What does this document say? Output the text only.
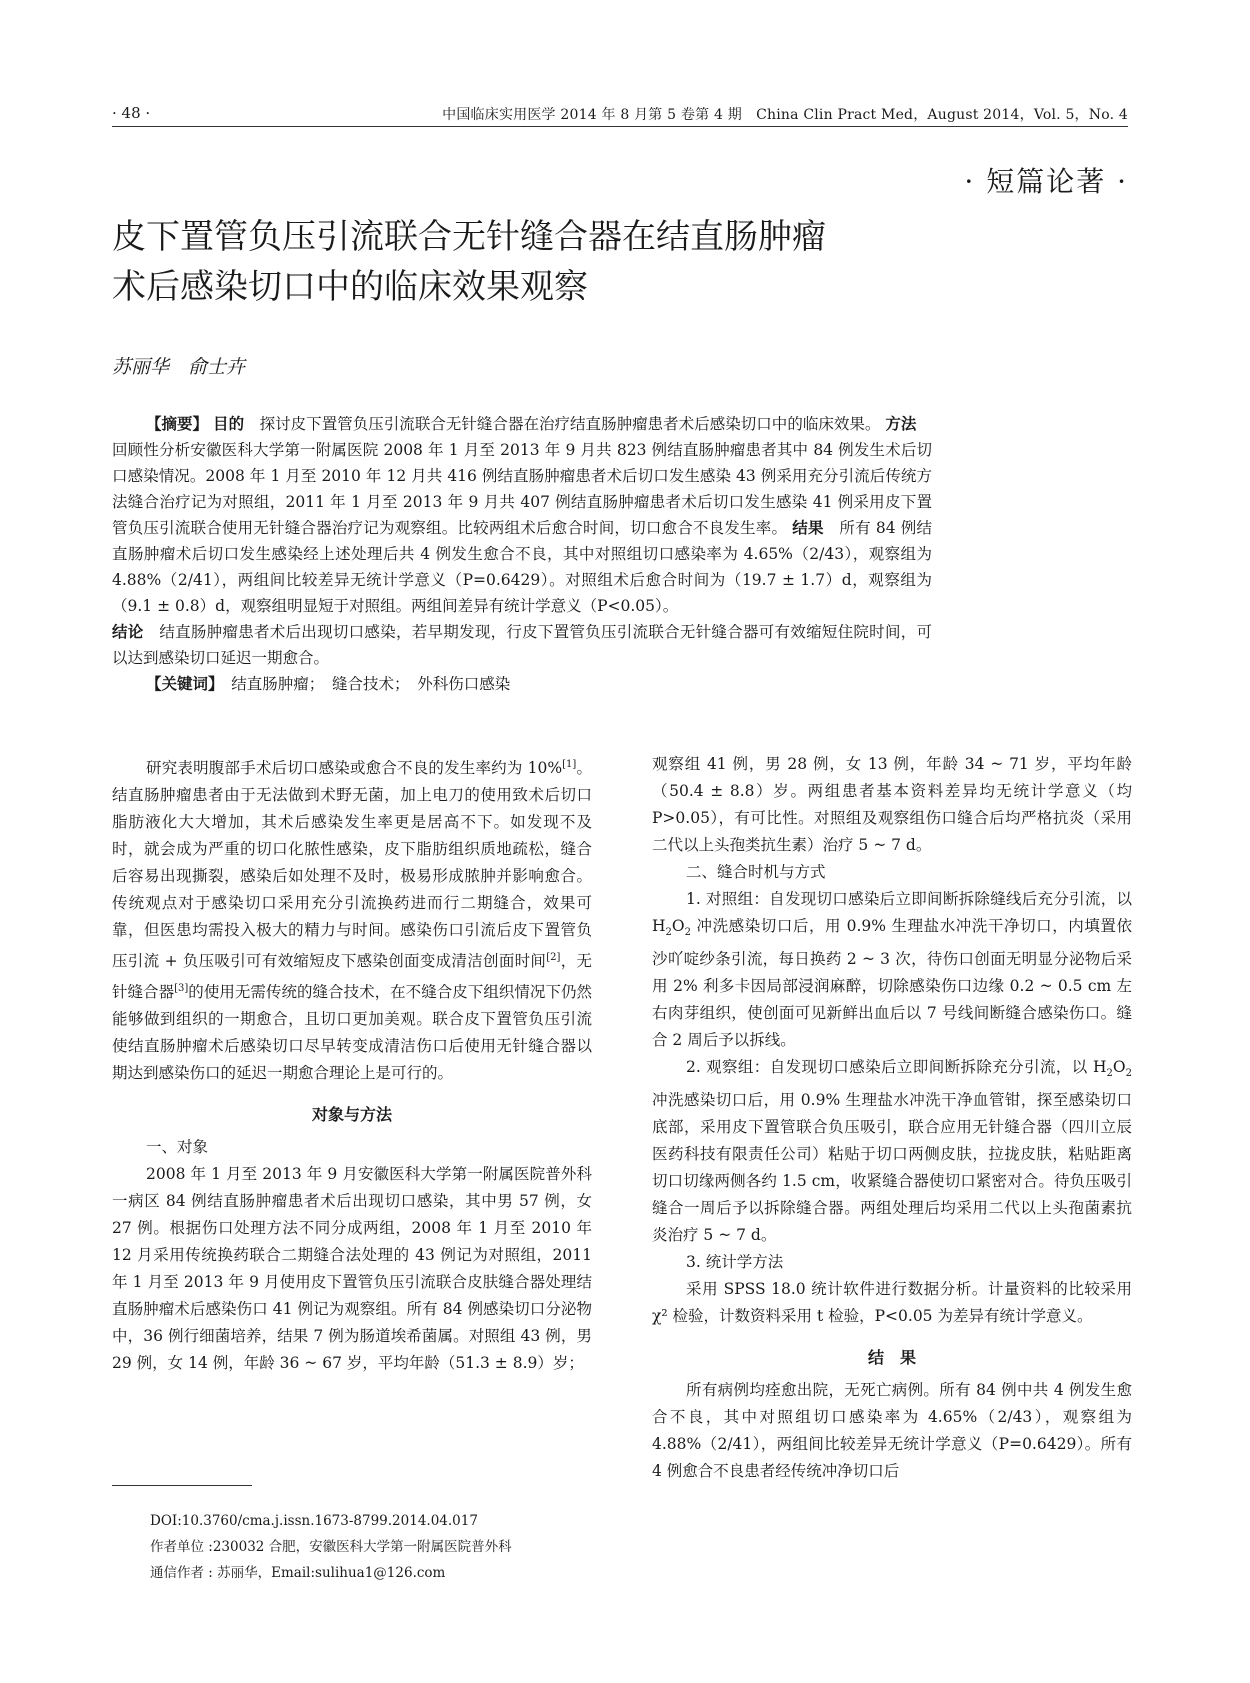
· 48 ·	中国临床实用医学 2014 年 8 月第 5 卷第 4 期　China Clin Pract Med，August 2014，Vol. 5，No. 4
· 短篇论著 ·
皮下置管负压引流联合无针缝合器在结直肠肿瘤
术后感染切口中的临床效果观察
苏丽华　俞士卉

【摘要】 目的　探讨皮下置管负压引流联合无针缝合器在治疗结直肠肿瘤患者术后感染切口中的临床效果。 方法　回顾性分析安徽医科大学第一附属医院 2008 年 1 月至 2013 年 9 月共 823 例结直肠肿瘤患者其中 84 例发生术后切口感染情况。2008 年 1 月至 2010 年 12 月共 416 例结直肠肿瘤患者术后切口发生感染 43 例采用充分引流后传统方法缝合治疗记为对照组，2011 年 1 月至 2013 年 9 月共 407 例结直肠肿瘤患者术后切口发生感染 41 例采用皮下置管负压引流联合使用无针缝合器治疗记为观察组。比较两组术后愈合时间，切口愈合不良发生率。 结果　所有 84 例结直肠肿瘤术后切口发生感染经上述处理后共 4 例发生愈合不良，其中对照组切口感染率为 4.65%（2/43），观察组为 4.88%（2/41），两组间比较差异无统计学意义（P=0.6429）。对照组术后愈合时间为（19.7 ± 1.7）d，观察组为（9.1 ± 0.8）d，观察组明显短于对照组。两组间差异有统计学意义（P<0.05）。

结论　结直肠肿瘤患者术后出现切口感染，若早期发现，行皮下置管负压引流联合无针缝合器可有效缩短住院时间，可以达到感染切口延迟一期愈合。

【关键词】　结直肠肿瘤；　缝合技术；　外科伤口感染

研究表明腹部手术后切口感染或愈合不良的发生率约为 10%[1]。结直肠肿瘤患者由于无法做到术野无菌，加上电刀的使用致术后切口脂肪液化大大增加，其术后感染发生率更是居高不下。如发现不及时，就会成为严重的切口化脓性感染，皮下脂肪组织质地疏松，缝合后容易出现撕裂，感染后如处理不及时，极易形成脓肿并影响愈合。传统观点对于感染切口采用充分引流换药进而行二期缝合，效果可靠，但医患均需投入极大的精力与时间。感染伤口引流后皮下置管负压引流 + 负压吸引可有效缩短皮下感染创面变成清洁创面时间[2]，无针缝合器[3]的使用无需传统的缝合技术，在不缝合皮下组织情况下仍然能够做到组织的一期愈合，且切口更加美观。联合皮下置管负压引流使结直肠肿瘤术后感染切口尽早转变成清洁伤口后使用无针缝合器以期达到感染伤口的延迟一期愈合理论上是可行的。

对象与方法
一、对象

2008 年 1 月至 2013 年 9 月安徽医科大学第一附属医院普外科一病区 84 例结直肠肿瘤患者术后出现切口感染，其中男 57 例，女 27 例。根据伤口处理方法不同分成两组，2008 年 1 月至 2010 年 12 月采用传统换药联合二期缝合法处理的 43 例记为对照组，2011 年 1 月至 2013 年 9 月使用皮下置管负压引流联合皮肤缝合器处理结直肠肿瘤术后感染伤口 41 例记为观察组。所有 84 例感染切口分泌物中，36 例行细菌培养，结果 7 例为肠道埃希菌属。对照组 43 例，男 29 例，女 14 例，年龄 36 ~ 67 岁，平均年龄（51.3 ± 8.9）岁；

观察组 41 例，男 28 例，女 13 例，年龄 34 ~ 71 岁，平均年龄（50.4 ± 8.8）岁。两组患者基本资料差异均无统计学意义（均 P>0.05），有可比性。对照组及观察组伤口缝合后均严格抗炎（采用二代以上头孢类抗生素）治疗 5 ~ 7 d。

二、缝合时机与方式

1. 对照组：自发现切口感染后立即间断拆除缝线后充分引流，以 $H_2O_2$ 冲洗感染切口后，用 0.9% 生理盐水冲洗干净切口，内填置依沙吖啶纱条引流，每日换药 2 ~ 3 次，待伤口创面无明显分泌物后采用 2% 利多卡因局部浸润麻醉，切除感染伤口边缘 0.2 ~ 0.5 cm 左右肉芽组织，使创面可见新鲜出血后以 7 号线间断缝合感染伤口。缝合 2 周后予以拆线。

2. 观察组：自发现切口感染后立即间断拆除充分引流，以 $H_2O_2$ 冲洗感染切口后，用 0.9% 生理盐水冲洗干净血管钳，探至感染切口底部，采用皮下置管联合负压吸引，联合应用无针缝合器（四川立辰医药科技有限责任公司）粘贴于切口两侧皮肤，拉拢皮肤，粘贴距离切口切缘两侧各约 1.5 cm，收紧缝合器使切口紧密对合。待负压吸引缝合一周后予以拆除缝合器。两组处理后均采用二代以上头孢菌素抗炎治疗 5 ~ 7 d。

3. 统计学方法

采用 SPSS 18.0 统计软件进行数据分析。计量资料的比较采用 χ² 检验，计数资料采用 t 检验，P<0.05 为差异有统计学意义。

结　果

所有病例均痊愈出院，无死亡病例。所有 84 例中共 4 例发生愈合不良，其中对照组切口感染率为 4.65%（2/43），观察组为 4.88%（2/41），两组间比较差异无统计学意义（P=0.6429）。所有 4 例愈合不良患者经传统冲净切口后

DOI:10.3760/cma.j.issn.1673-8799.2014.04.017
作者单位 :230032 合肥，安徽医科大学第一附属医院普外科
通信作者 : 苏丽华，Email:sulihua1@126.com
